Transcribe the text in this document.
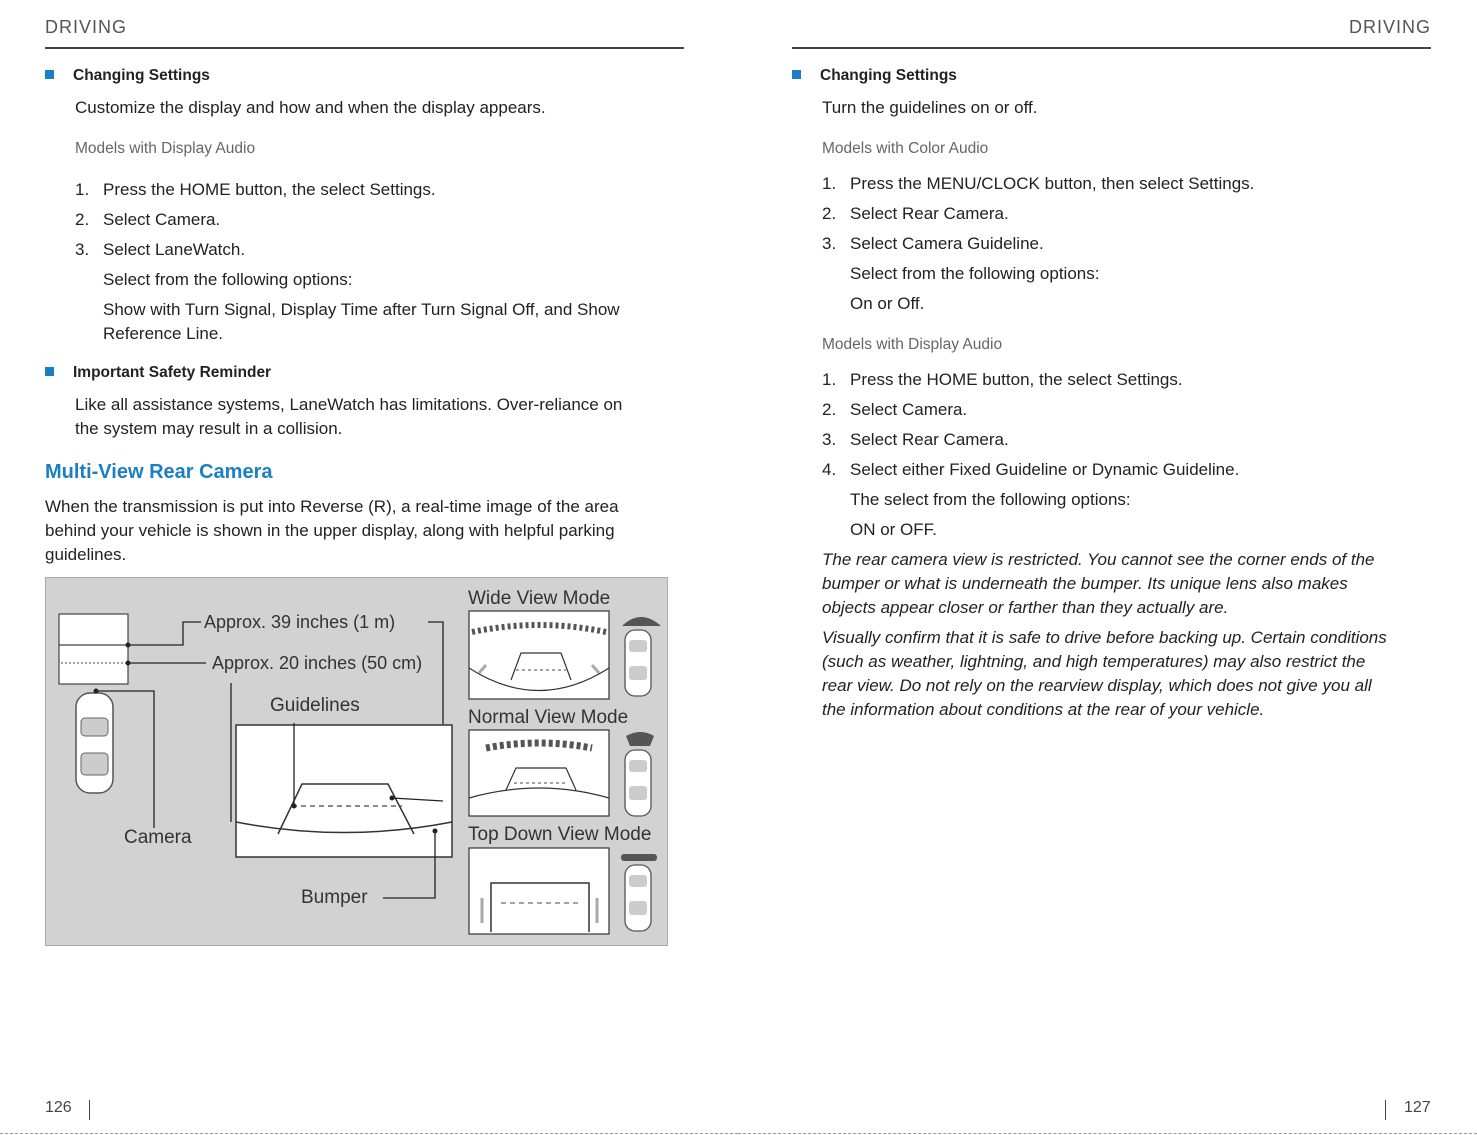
DRIVING
Changing Settings
Customize the display and how and when the display appears.
Models with Display Audio
1. Press the HOME button, the select Settings.
2. Select Camera.
3. Select LaneWatch.
Select from the following options:
Show with Turn Signal, Display Time after Turn Signal Off, and Show
Reference Line.
Important Safety Reminder
Like all assistance systems, LaneWatch has limitations. Over-reliance on
the system may result in a collision.
Multi-View Rear Camera
When the transmission is put into Reverse (R), a real-time image of the area
behind your vehicle is shown in the upper display, along with helpful parking
guidelines.
Approx. 39 inches (1 m)
Approx. 20 inches (50 cm)
Camera
Guidelines
Bumper
Wide View Mode
Normal View Mode
Top Down View Mode
126
DRIVING
Changing Settings
Turn the guidelines on or off.
Models with Color Audio
1. Press the MENU/CLOCK button, then select Settings.
2. Select Rear Camera.
3. Select Camera Guideline.
Select from the following options:
On or Off.
Models with Display Audio
1. Press the HOME button, the select Settings.
2. Select Camera.
3. Select Rear Camera.
4. Select either Fixed Guideline or Dynamic Guideline.
The select from the following options:
ON or OFF.
The rear camera view is restricted. You cannot see the corner ends of the
bumper or what is underneath the bumper. Its unique lens also makes
objects appear closer or farther than they actually are.
Visually confirm that it is safe to drive before backing up. Certain conditions
(such as weather, lightning, and high temperatures) may also restrict the
rear view. Do not rely on the rearview display, which does not give you all
the information about conditions at the rear of your vehicle.
127
